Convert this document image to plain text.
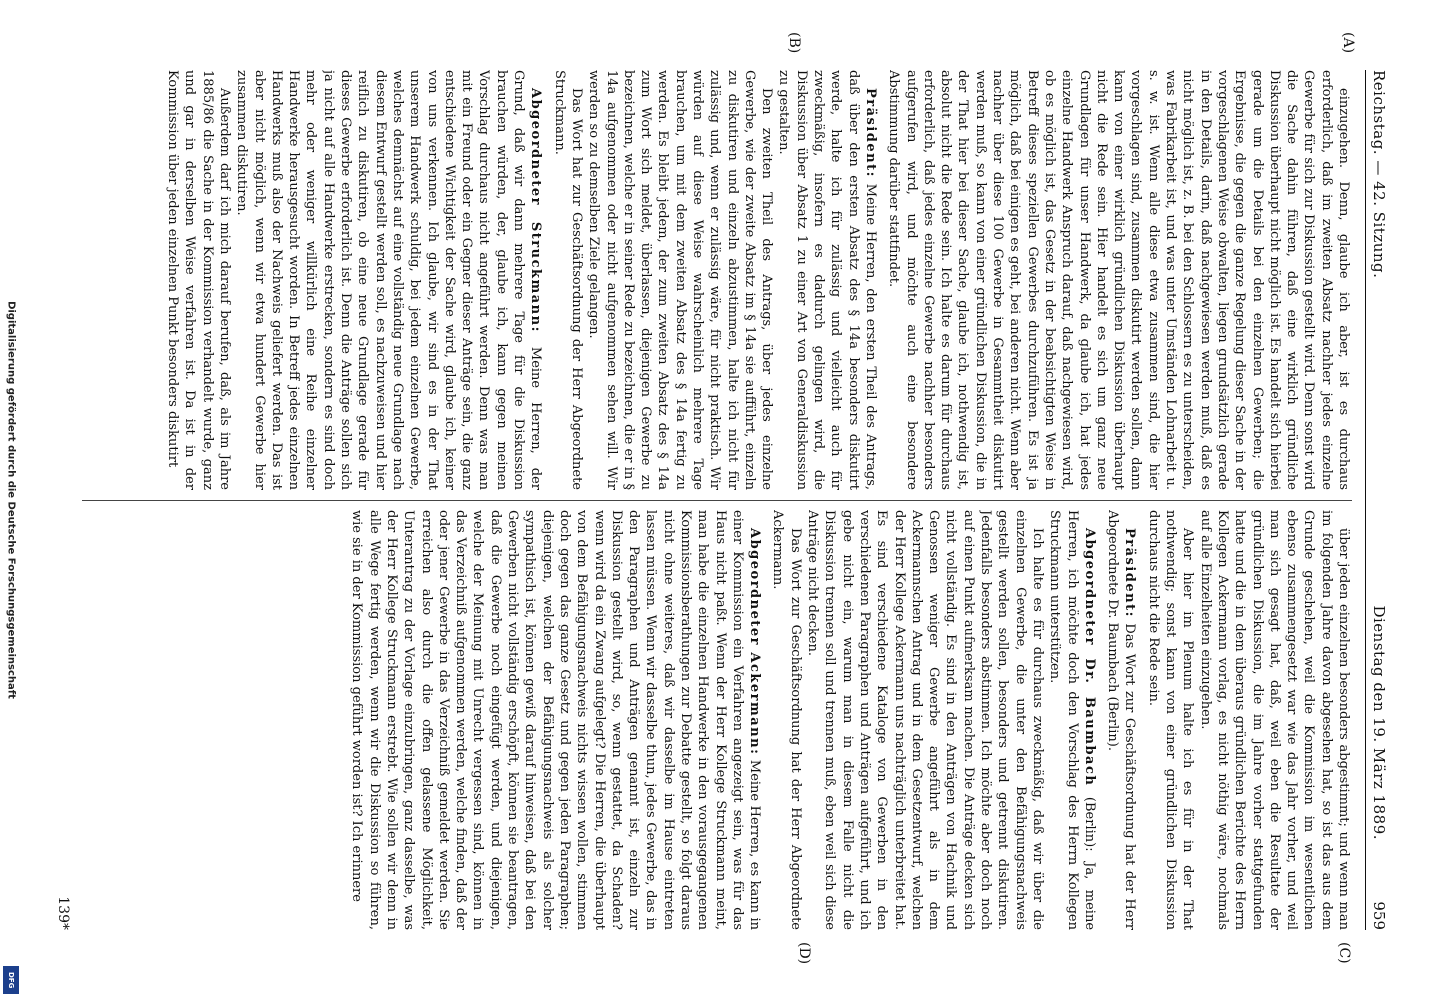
Digitalisierung gefördert durch die Deutsche Forschungsgemeinschaft
DFG
Reichstag. — 42. Sitzung.
Dienstag den 19. März 1889.
959
(A)
(B)
(C)
(D)

einzugehen. Denn, glaube ich aber, ist es durchaus erforderlich, daß im zweiten Absatz nachher jedes einzelne Gewerbe für sich zur Diskussion gestellt wird. Denn sonst wird die Sache dahin führen, daß eine wirklich gründliche Diskussion überhaupt nicht möglich ist. Es handelt sich hierbei gerade um die Details bei den einzelnen Gewerben; die Ergebnisse, die gegen die ganze Regelung dieser Sache in der vorgeschlagenen Weise obwalten, liegen grundsätzlich gerade in den Details, darin, daß nachgewiesen werden muß, daß es nicht möglich ist, z. B. bei den Schlossern es zu unterscheiden, was Fabrikarbeit ist, und was unter Umständen Lohnarbeit u. s. w. ist. Wenn alle diese etwa zusammen sind, die hier vorgeschlagen sind, zusammen diskutirt werden sollen, dann kann von einer wirklich gründlichen Diskussion überhaupt nicht die Rede sein. Hier handelt es sich um ganz neue Grundlagen für unser Handwerk, da glaube ich, hat jedes einzelne Handwerk Anspruch darauf, daß nachgewiesen wird, ob es möglich ist, das Gesetz in der beabsichtigten Weise in Betreff dieses speziellen Gewerbes durchzuführen. Es ist ja möglich, daß bei einigen es geht, bei anderen nicht. Wenn aber nachher über diese 100 Gewerbe in Gesammtheit diskutirt werden muß, so kann von einer gründlichen Diskussion, die in der That hier bei dieser Sache, glaube ich, nothwendig ist, absolut nicht die Rede sein. Ich halte es darum für durchaus erforderlich, daß jedes einzelne Gewerbe nachher besonders aufgerufen wird, und möchte auch eine besondere Abstimmung darüber stattfindet.

Präsident: Meine Herren, den ersten Theil des Antrags, daß über den ersten Absatz des § 14a besonders diskutirt werde, halte ich für zulässig und vielleicht auch für zweckmäßig, insofern es dadurch gelingen wird, die Diskussion über Absatz 1 zu einer Art von Generaldiskussion zu gestalten.

Den zweiten Theil des Antrags, über jedes einzelne Gewerbe, wie der zweite Absatz im § 14a sie aufführt, einzeln zu diskutiren und einzeln abzustimmen, halte ich nicht für zulässig und, wenn er zulässig wäre, für nicht praktisch. Wir würden auf diese Weise wahrscheinlich mehrere Tage brauchen, um mit dem zweiten Absatz des § 14a fertig zu werden. Es bleibt jedem, der zum zweiten Absatz des § 14a zum Wort sich meldet, überlassen, diejenigen Gewerbe zu bezeichnen, welche er in seiner Rede zu bezeichnen, die er in § 14a aufgenommen oder nicht aufgenommen sehen will. Wir werden so zu demselben Ziele gelangen.

Das Wort hat zur Geschäftsordnung der Herr Abgeordnete Struckmann.

Abgeordneter Struckmann: Meine Herren, der Grund, daß wir dann mehrere Tage für die Diskussion brauchen würden, der, glaube ich, kann gegen meinen Vorschlag durchaus nicht angeführt werden. Denn was man mit ein Freund oder ein Gegner dieser Anträge sein, die ganz entschiedene Wichtigkeit der Sache wird, glaube ich, keiner von uns verkennen. Ich glaube, wir sind es in der That unserem Handwerk schuldig, bei jedem einzelnen Gewerbe, welches demnächst auf eine vollständig neue Grundlage nach diesem Entwurf gestellt werden soll, es nachzuweisen und hier reiflich zu diskutiren, ob eine neue Grundlage gerade für dieses Gewerbe erforderlich ist. Denn die Anträge sollen sich ja nicht auf alle Handwerke erstrecken, sondern es sind doch mehr oder weniger willkürlich eine Reihe einzelner Handwerke herausgesucht worden. In Betreff jedes einzelnen Handwerks muß also der Nachweis geliefert werden. Das ist aber nicht möglich, wenn wir etwa hundert Gewerbe hier zusammen diskutiren.

Außerdem darf ich mich darauf berufen, daß, als im Jahre 1885/86 die Sache in der Kommission verhandelt wurde, ganz und gar in derselben Weise verfahren ist. Da ist in der Kommission über jeden einzelnen Punkt besonders diskutirt

über jeden einzelnen besonders abgestimmt; und wenn man im folgenden Jahre davon abgesehen hat, so ist das aus dem Grunde geschehen, weil die Kommission im wesentlichen ebenso zusammengesetzt war wie das Jahr vorher, und weil man sich gesagt hat, daß, weil eben die Resultate der gründlichen Diskussion, die im Jahre vorher stattgefunden hatte und die in dem überaus gründlichen Berichte des Herrn Kollegen Ackermann vorlag, es nicht nöthig wäre, nochmals auf alle Einzelheiten einzugehen.

Aber hier im Plenum halte ich es für in der That nothwendig; sonst kann von einer gründlichen Diskussion durchaus nicht die Rede sein.

Präsident: Das Wort zur Geschäftsordnung hat der Herr Abgeordnete Dr. Baumbach (Berlin).

Abgeordneter Dr. Baumbach (Berlin): Ja, meine Herren, ich möchte doch den Vorschlag des Herrn Kollegen Struckmann unterstützen.

Ich halte es für durchaus zweckmäßig, daß wir über die einzelnen Gewerbe, die unter den Befähigungsnachweis gestellt werden sollen, besonders und getrennt diskutiren. Jedenfalls besonders abstimmen. Ich möchte aber doch noch auf einen Punkt aufmerksam machen. Die Anträge decken sich nicht vollständig. Es sind in den Anträgen von Hachnik und Genossen weniger Gewerbe angeführt als in dem Ackermannschen Antrag und in dem Gesetzentwurf, welchen der Herr Kollege Ackermann uns nachträglich unterbreitet hat. Es sind verschiedene Kataloge von Gewerben in den verschiedenen Paragraphen und Anträgen aufgeführt, und ich gebe nicht ein, warum man in diesem Falle nicht die Diskussion trennen soll und trennen muß, eben weil sich diese Anträge nicht decken.

Das Wort zur Geschäftsordnung hat der Herr Abgeordnete Ackermann.

Abgeordneter Ackermann: Meine Herren, es kann in einer Kommission ein Verfahren angezeigt sein, was für das Haus nicht paßt. Wenn der Herr Kollege Struckmann meint, man habe die einzelnen Handwerke in den vorausgegangenen Kommissionsberathungen zur Debatte gestellt, so folgt daraus nicht ohne weiteres, daß wir dasselbe im Hause eintreten lassen müssen. Wenn wir dasselbe thun, jedes Gewerbe, das in den Paragraphen und Anträgen genannt ist, einzeln zur Diskussion gestellt wird, so, wenn gestattet, da Schaden? wenn wird da ein Zwang aufgelegt? Die Herren, die überhaupt von dem Befähigungsnachweis nichts wissen wollen, stimmen doch gegen das ganze Gesetz und gegen jeden Paragraphen; diejenigen, welchen der Befähigungsnachweis als solcher sympathisch ist, können gewiß darauf hinweisen, daß bei den Gewerben nicht vollständig erschöpft, können sie beantragen, daß die Gewerbe noch eingefügt werden, und diejenigen, welche der Meinung mit Unrecht vergessen sind, können in das Verzeichniß aufgenommen werden, welche finden, daß der oder jener Gewerbe in das Verzeichniß gemeldet werden. Sie erreichen also durch die offen gelassene Möglichkeit, Unterantrag zu der Vorlage einzubringen, ganz dasselbe, was der Herr Kollege Struckmann erstrebt. Wie sollen wir denn in alle Wege fertig werden, wenn wir die Diskussion so führen, wie sie in der Kommission geführt worden ist? Ich erinnere

139*
